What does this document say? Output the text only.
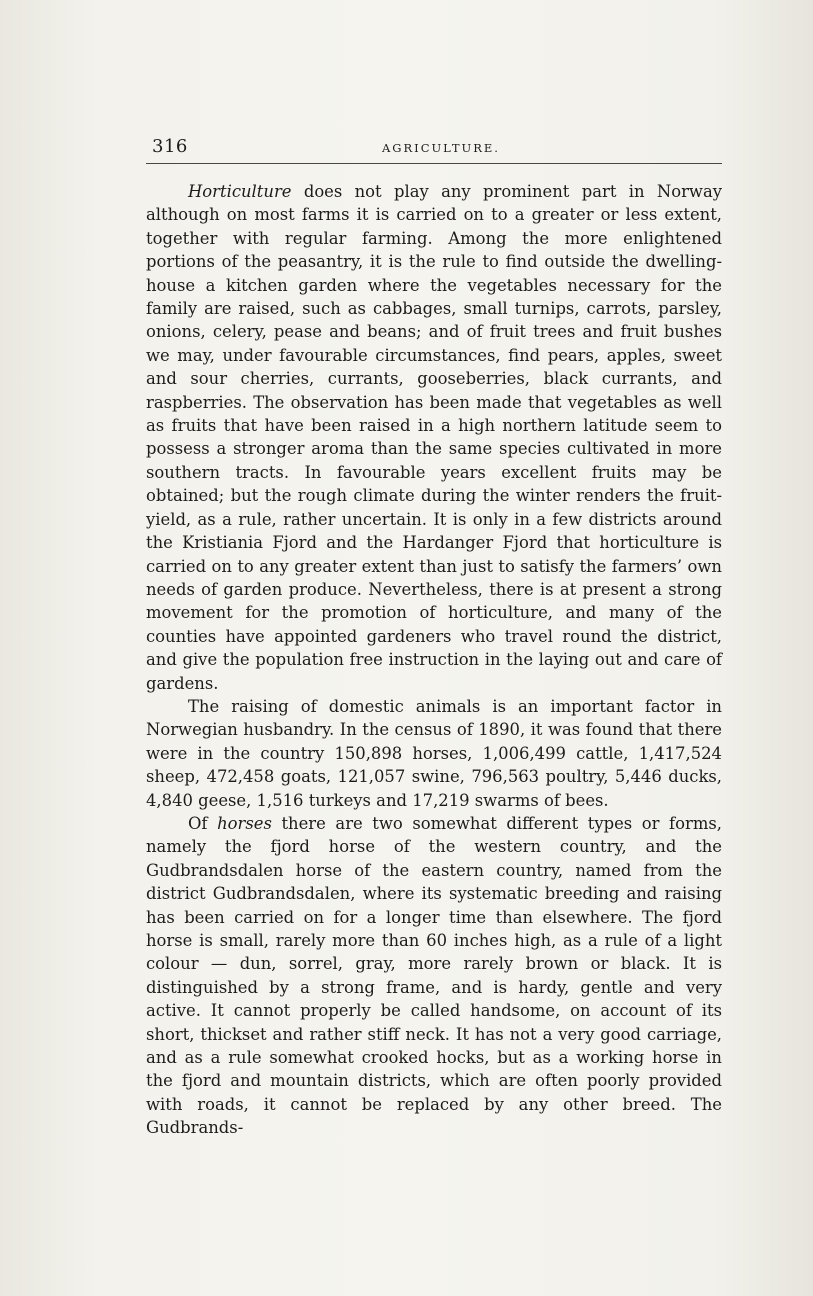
316	AGRICULTURE.

Horticulture does not play any prominent part in Norway although on most farms it is carried on to a greater or less extent, together with regular farming. Among the more enlightened portions of the peasantry, it is the rule to find outside the dwelling-house a kitchen garden where the vegetables necessary for the family are raised, such as cabbages, small turnips, carrots, parsley, onions, celery, pease and beans; and of fruit trees and fruit bushes we may, under favourable circumstances, find pears, apples, sweet and sour cherries, currants, gooseberries, black currants, and raspberries. The observation has been made that vegetables as well as fruits that have been raised in a high northern latitude seem to possess a stronger aroma than the same species cultivated in more southern tracts. In favourable years excellent fruits may be obtained; but the rough climate during the winter renders the fruit-yield, as a rule, rather uncertain. It is only in a few districts around the Kristiania Fjord and the Hardanger Fjord that horticulture is carried on to any greater extent than just to satisfy the farmers’ own needs of garden produce. Nevertheless, there is at present a strong movement for the promotion of horticulture, and many of the counties have appointed gardeners who travel round the district, and give the population free instruction in the laying out and care of gardens.

The raising of domestic animals is an important factor in Norwegian husbandry. In the census of 1890, it was found that there were in the country 150,898 horses, 1,006,499 cattle, 1,417,524 sheep, 472,458 goats, 121,057 swine, 796,563 poultry, 5,446 ducks, 4,840 geese, 1,516 turkeys and 17,219 swarms of bees.

Of horses there are two somewhat different types or forms, namely the fjord horse of the western country, and the Gudbrandsdalen horse of the eastern country, named from the district Gudbrandsdalen, where its systematic breeding and raising has been carried on for a longer time than elsewhere. The fjord horse is small, rarely more than 60 inches high, as a rule of a light colour — dun, sorrel, gray, more rarely brown or black. It is distinguished by a strong frame, and is hardy, gentle and very active. It cannot properly be called handsome, on account of its short, thickset and rather stiff neck. It has not a very good carriage, and as a rule somewhat crooked hocks, but as a working horse in the fjord and mountain districts, which are often poorly provided with roads, it cannot be replaced by any other breed. The Gudbrands-
